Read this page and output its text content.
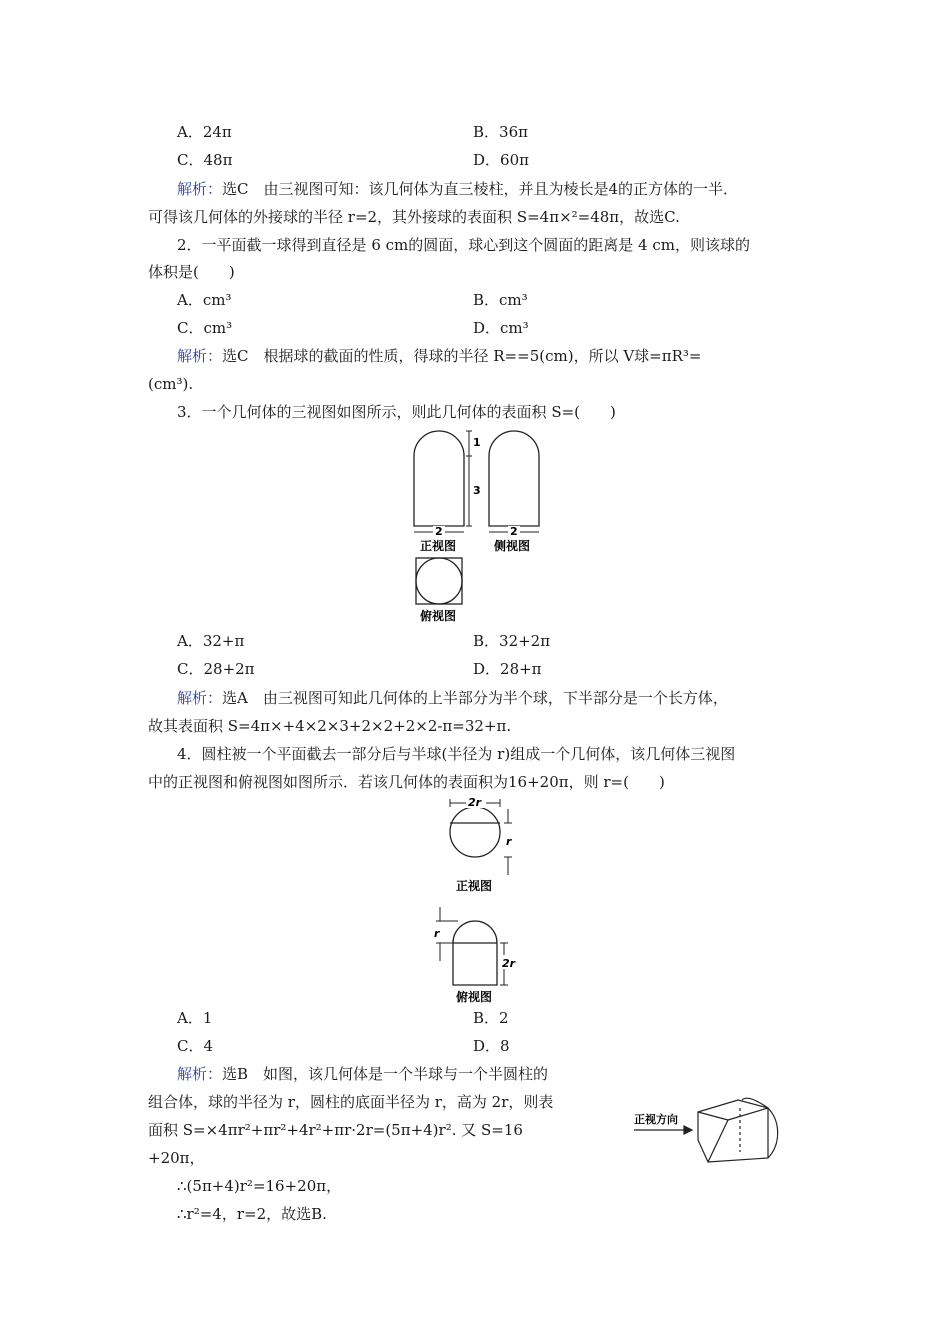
A．24π	B．36π
C．48π	D．60π
解析：选C　由三视图可知：该几何体为直三棱柱，并且为棱长是4的正方体的一半．
可得该几何体的外接球的半径 r=2，其外接球的表面积 S=4π×²=48π，故选C.
2．一平面截一球得到直径是 6 cm的圆面，球心到这个圆面的距离是 4 cm，则该球的
体积是(　　)
A．cm³	B．cm³
C．cm³	D．cm³
解析：选C　根据球的截面的性质，得球的半径 R==5(cm)，所以 V球=πR³=
(cm³).
3．一个几何体的三视图如图所示，则此几何体的表面积 S=(　　)
1
3
2	2
正视图	侧视图
俯视图
A．32+π	B．32+2π
C．28+2π	D．28+π
解析：选A　由三视图可知此几何体的上半部分为半个球，下半部分是一个长方体，
故其表面积 S=4π×+4×2×3+2×2+2×2-π=32+π.
4．圆柱被一个平面截去一部分后与半球(半径为 r)组成一个几何体，该几何体三视图
中的正视图和俯视图如图所示．若该几何体的表面积为16+20π，则 r=(　　)
2r
r
r
2r
正视图
俯视图
A．1	B．2
C．4	D．8
解析：选B　如图，该几何体是一个半球与一个半圆柱的
组合体，球的半径为 r，圆柱的底面半径为 r，高为 2r，则表
面积 S=×4πr²+πr²+4r²+πr·2r=(5π+4)r². 又 S=16
+20π，
∴(5π+4)r²=16+20π，
∴r²=4，r=2，故选B.
正视方向
